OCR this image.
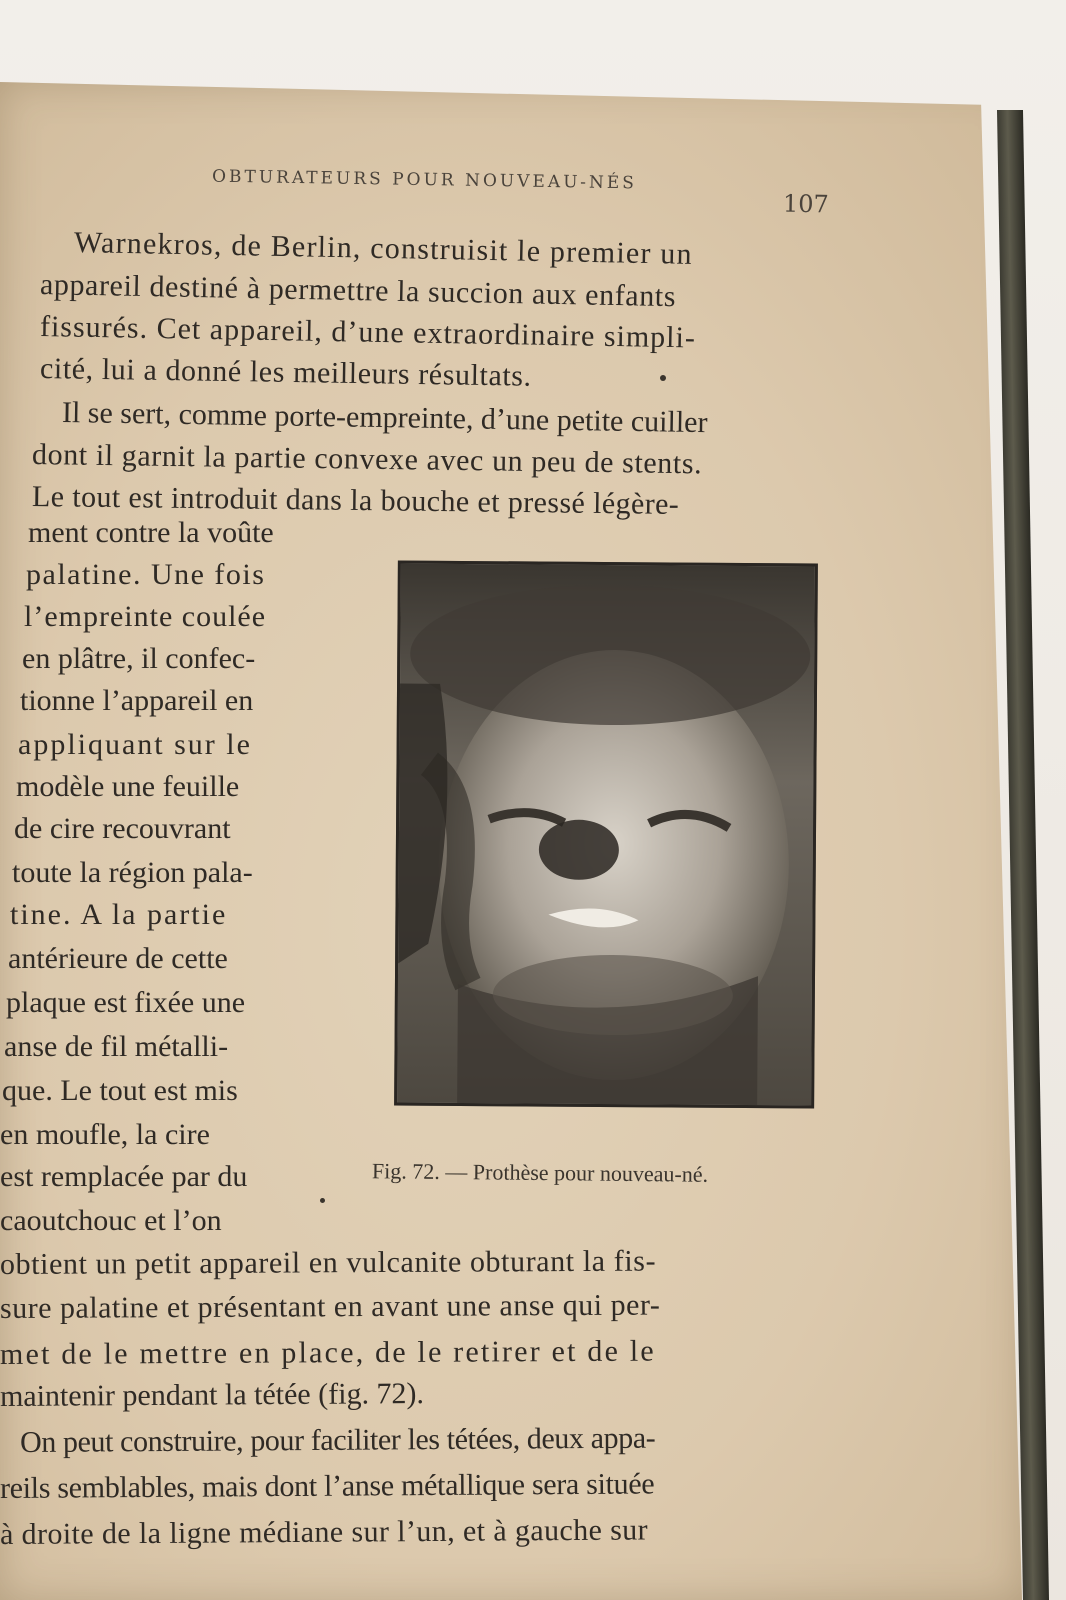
OBTURATEURS POUR NOUVEAU-NÉS
107
Warnekros, de Berlin, construisit le premier un
appareil destiné à permettre la succion aux enfants
fissurés. Cet appareil, d’une extraordinaire simpli-
cité, lui a donné les meilleurs résultats.
Il se sert, comme porte-empreinte, d’une petite cuiller
dont il garnit la partie convexe avec un peu de stents.
Le tout est introduit dans la bouche et pressé légère-
ment contre la voûte
palatine. Une fois
l’empreinte coulée
en plâtre, il confec-
tionne l’appareil en
appliquant sur le
modèle une feuille
de cire recouvrant
toute la région pala-
tine. A la partie
antérieure de cette
plaque est fixée une
anse de fil métalli-
que. Le tout est mis
en moufle, la cire
est remplacée par du
caoutchouc et l’on
obtient un petit appareil en vulcanite obturant la fis-
sure palatine et présentant en avant une anse qui per-
met de le mettre en place, de le retirer et de le
maintenir pendant la tétée (fig. 72).
On peut construire, pour faciliter les tétées, deux appa-
reils semblables, mais dont l’anse métallique sera située
à droite de la ligne médiane sur l’un, et à gauche sur
Fig. 72. — Prothèse pour nouveau-né.
